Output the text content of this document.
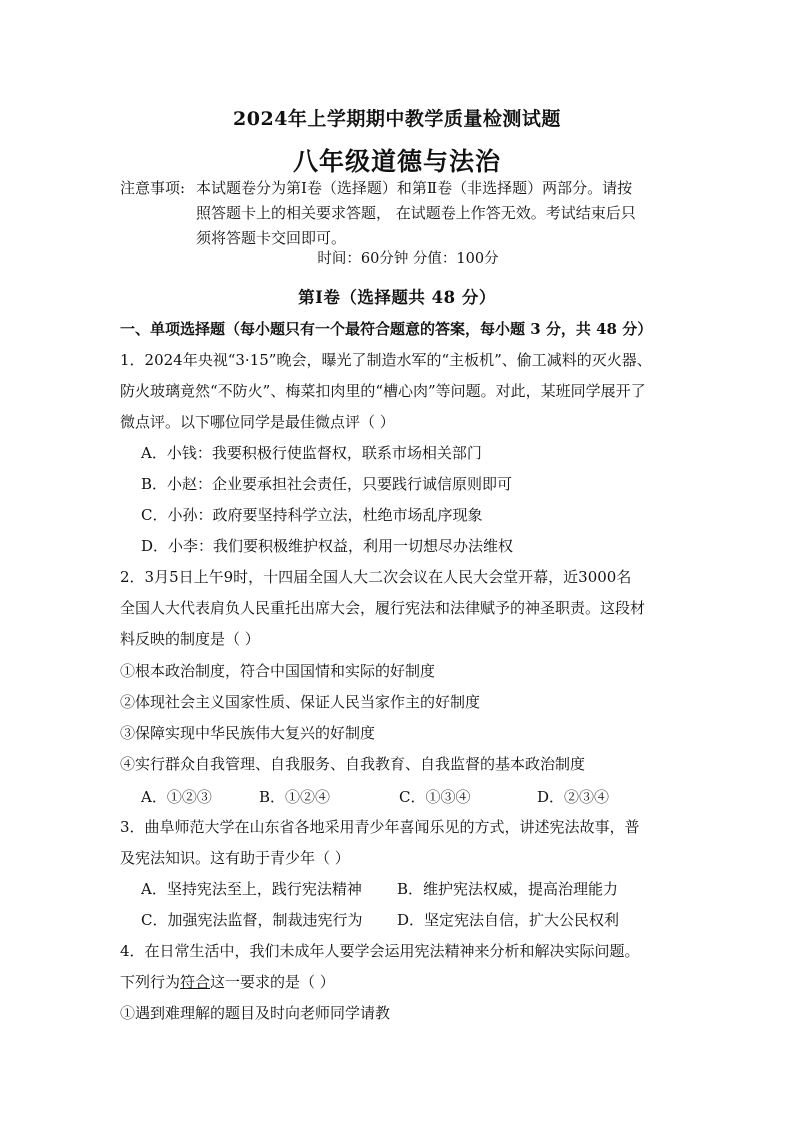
2024年上学期期中教学质量检测试题
八年级道德与法治
注意事项: 本试题卷分为第Ⅰ卷（选择题）和第Ⅱ卷（非选择题）两部分。请按
照答题卡上的相关要求答题， 在试题卷上作答无效。考试结束后只
须将答题卡交回即可。
时间：60分钟 分值：100分
第Ⅰ卷（选择题共 48 分）
一、单项选择题（每小题只有一个最符合题意的答案，每小题 3 分，共 48 分）
1．2024年央视“3·15”晚会，曝光了制造水军的“主板机”、偷工减料的灭火器、
防火玻璃竟然“不防火”、梅菜扣肉里的“槽心肉”等问题。对此，某班同学展开了
微点评。以下哪位同学是最佳微点评（ ）
A．小钱：我要积极行使监督权，联系市场相关部门
B．小赵：企业要承担社会责任，只要践行诚信原则即可
C．小孙：政府要坚持科学立法，杜绝市场乱序现象
D．小李：我们要积极维护权益，利用一切想尽办法维权
2．3月5日上午9时，十四届全国人大二次会议在人民大会堂开幕，近3000名
全国人大代表肩负人民重托出席大会，履行宪法和法律赋予的神圣职责。这段材
料反映的制度是（ ）
①根本政治制度，符合中国国情和实际的好制度
②体现社会主义国家性质、保证人民当家作主的好制度
③保障实现中华民族伟大复兴的好制度
④实行群众自我管理、自我服务、自我教育、自我监督的基本政治制度
A．①②③	B．①②④	C．①③④	D．②③④
3．曲阜师范大学在山东省各地采用青少年喜闻乐见的方式，讲述宪法故事，普
及宪法知识。这有助于青少年（ ）
A．坚持宪法至上，践行宪法精神 B．维护宪法权威，提高治理能力
C．加强宪法监督，制裁违宪行为 D．坚定宪法自信，扩大公民权利
4．在日常生活中，我们未成年人要学会运用宪法精神来分析和解决实际问题。
下列行为符合这一要求的是（ ）
①遇到难理解的题目及时向老师同学请教
